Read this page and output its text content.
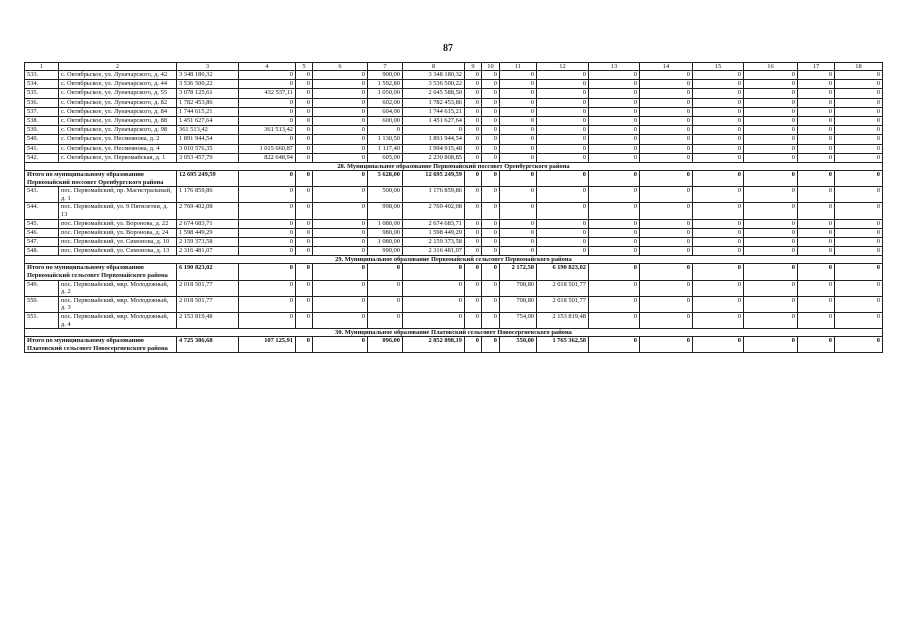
87
1	2	3	4	5	6	7	8	9	10	11	12	13	14	15	16	17	18
533.	с. Октябрьское, ул. Луначарского, д. 42	3 348 180,32	0	0	0	900,00	3 348 180,32	0	0	0	0	0	0	0	0	0	0
534.	с. Октябрьское, ул. Луначарского, д. 44	3 536 500,22	0	0	0	1 592,80	3 536 500,22	0	0	0	0	0	0	0	0	0	0
535.	с. Октябрьское, ул. Луначарского, д. 55	3 078 125,61	432 537,11	0	0	1 050,00	2 645 588,50	0	0	0	0	0	0	0	0	0	0
536.	с. Октябрьское, ул. Луначарского, д. 82	1 782 453,86	0	0	0	602,00	1 782 453,86	0	0	0	0	0	0	0	0	0	0
537.	с. Октябрьское, ул. Луначарского, д. 84	1 744 615,21	0	0	0	604,00	1 744 615,21	0	0	0	0	0	0	0	0	0	0
538.	с. Октябрьское, ул. Луначарского, д. 88	1 451 627,64	0	0	0	600,00	1 451 627,64	0	0	0	0	0	0	0	0	0	0
539.	с. Октябрьское, ул. Луначарского, д. 98	361 513,42	361 513,42	0	0	0	0	0	0	0	0	0	0	0	0	0	0
540.	с. Октябрьское, ул. Несмеянова, д. 2	1 891 944,54	0	0	0	1 130,50	1 891 944,54	0	0	0	0	0	0	0	0	0	0
541.	с. Октябрьское, ул. Несмеянова, д. 4	3 010 576,35	1 015 660,87	0	0	1 117,40	1 994 915,48	0	0	0	0	0	0	0	0	0	0
542.	с. Октябрьское, ул. Первомайская, д. 1	3 053 457,79	822 648,94	0	0	605,00	2 230 808,85	0	0	0	0	0	0	0	0	0	0
28. Муниципальное образование Первомайский поссовет Оренбургского района																	
Итого по муниципальному образованию Первомайский поссовет Оренбургского района		12 695 249,59	0	0	0	5 628,00	12 695 249,59	0	0	0	0	0	0	0	0	0	0
543.	пос. Первомайский, пр. Магистральный, д. 1	1 176 859,86	0	0	0	500,00	1 176 859,86	0	0	0	0	0	0	0	0	0	0
544.	пос. Первомайский, ул. 9 Пятилетки, д. 13	2 769 402,08	0	0	0	998,00	2 769 402,08	0	0	0	0	0	0	0	0	0	0
545.	пос. Первомайский, ул. Воронова, д. 22	2 674 683,71	0	0	0	1 080,00	2 674 683,71	0	0	0	0	0	0	0	0	0	0
546.	пос. Первомайский, ул. Воронова, д. 24	1 598 449,29	0	0	0	980,00	1 598 449,29	0	0	0	0	0	0	0	0	0	0
547.	пос. Первомайский, ул. Симонова, д. 10	2 159 373,58	0	0	0	1 080,00	2 159 373,58	0	0	0	0	0	0	0	0	0	0
548.	пос. Первомайский, ул. Симонова, д. 13	2 316 481,07	0	0	0	990,00	2 316 481,07	0	0	0	0	0	0	0	0	0	0
29. Муниципальное образование Первомайский сельсовет Первомайского района																	
Итого по муниципальному образованию Первомайский сельсовет Первомайского района		6 190 823,02	0	0	0	0	0	0	0	2 172,50	6 190 823,02	0	0	0	0	0	0
549.	пос. Первомайский, мкр. Молодежный, д. 2	2 018 501,77	0	0	0	0	0	0	0	708,80	2 018 501,77	0	0	0	0	0	0
550.	пос. Первомайский, мкр. Молодежный, д. 3	2 018 501,77	0	0	0	0	0	0	0	708,80	2 018 501,77	0	0	0	0	0	0
551.	пос. Первомайский, мкр. Молодежный, д. 4	2 153 819,48	0	0	0	0	0	0	0	754,90	2 153 819,48	0	0	0	0	0	0
30. Муниципальное образование Платовский сельсовет Новосергиевского района																	
Итого по муниципальному образованию Платовский сельсовет Новосергиевского района		4 725 386,68	107 125,91	0	0	896,00	2 852 898,19	0	0	550,00	1 765 362,58	0	0	0	0	0	0
